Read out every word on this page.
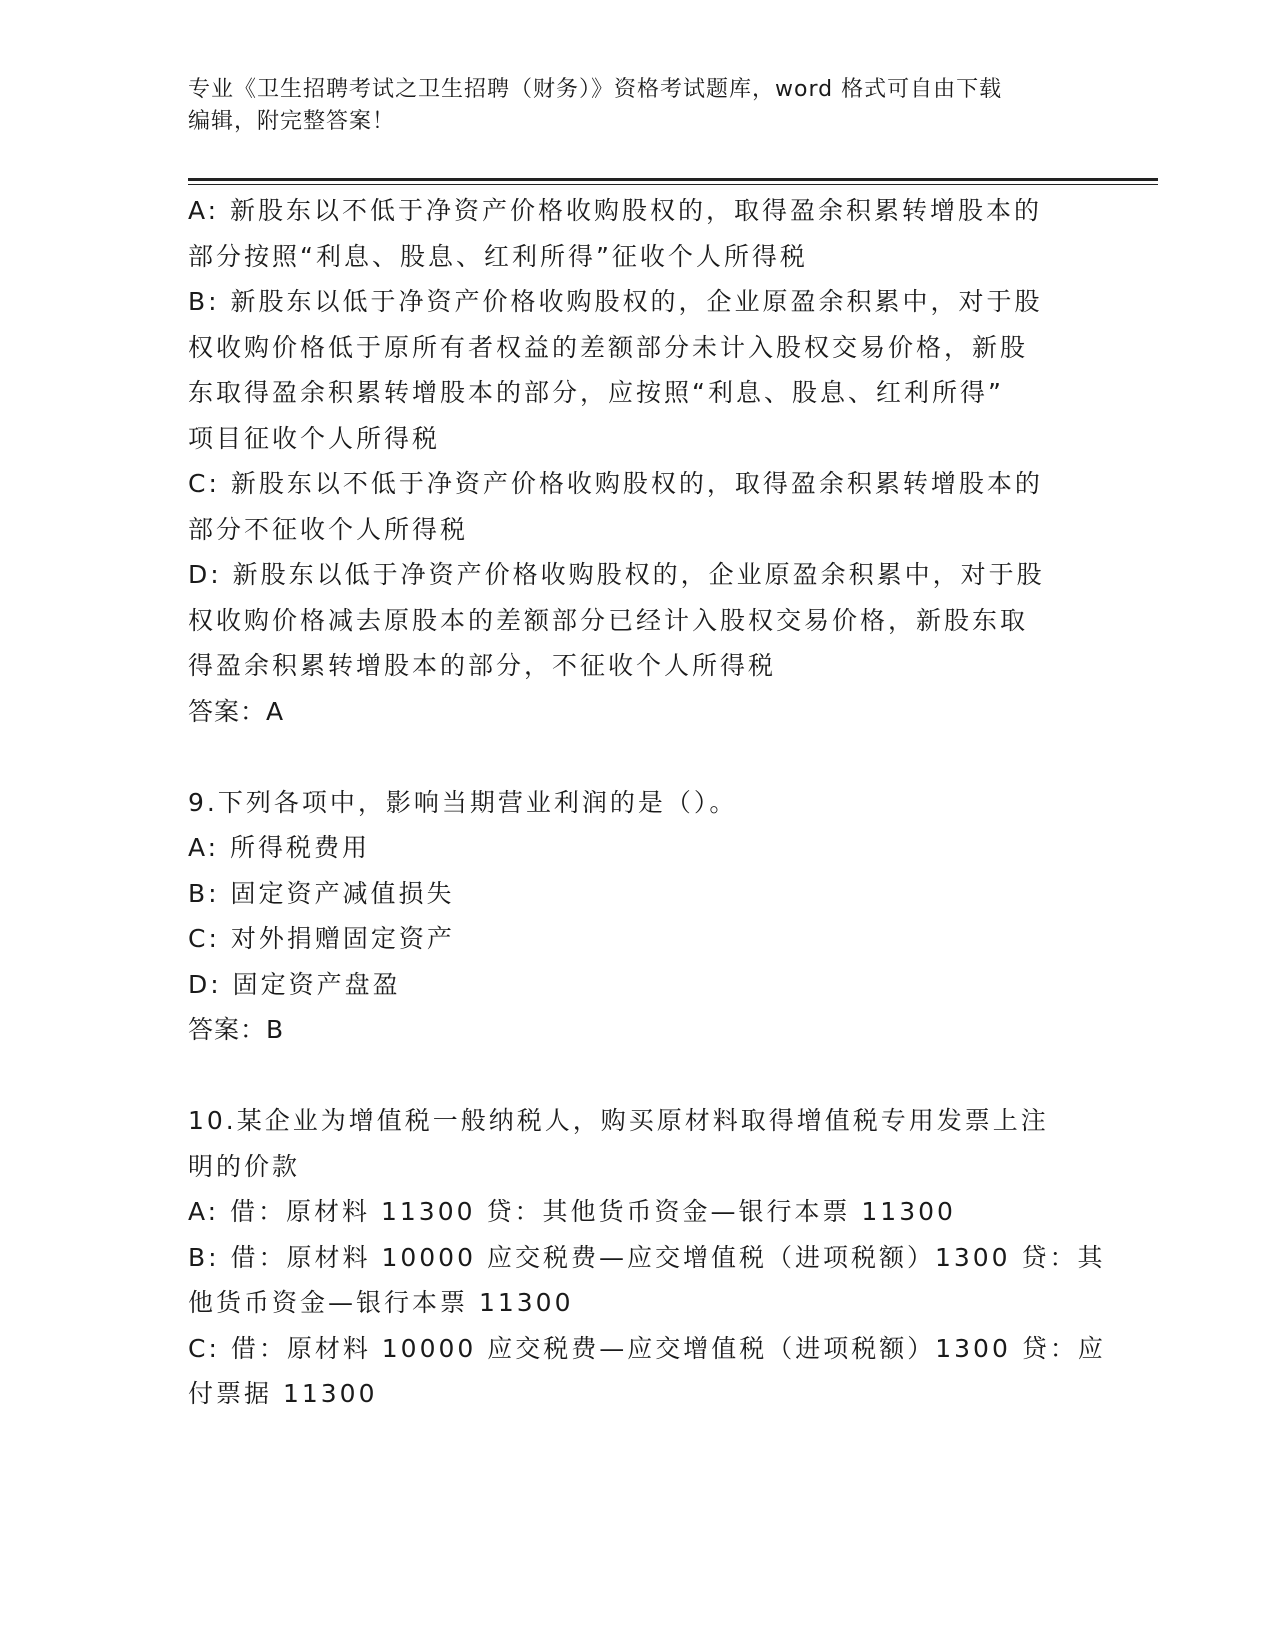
专业《卫生招聘考试之卫生招聘（财务）》资格考试题库，word 格式可自由下载
编辑，附完整答案！
A: 新股东以不低于净资产价格收购股权的，取得盈余积累转增股本的
部分按照“利息、股息、红利所得”征收个人所得税
B: 新股东以低于净资产价格收购股权的，企业原盈余积累中，对于股
权收购价格低于原所有者权益的差额部分未计入股权交易价格，新股
东取得盈余积累转增股本的部分，应按照“利息、股息、红利所得”
项目征收个人所得税
C: 新股东以不低于净资产价格收购股权的，取得盈余积累转增股本的
部分不征收个人所得税
D: 新股东以低于净资产价格收购股权的，企业原盈余积累中，对于股
权收购价格减去原股本的差额部分已经计入股权交易价格，新股东取
得盈余积累转增股本的部分，不征收个人所得税
答案：A
9.下列各项中，影响当期营业利润的是（）。
A: 所得税费用
B: 固定资产减值损失
C: 对外捐赠固定资产
D: 固定资产盘盈
答案：B
10.某企业为增值税一般纳税人，购买原材料取得增值税专用发票上注
明的价款
A: 借：原材料 11300 贷：其他货币资金—银行本票 11300
B: 借：原材料 10000 应交税费—应交增值税（进项税额）1300 贷：其
他货币资金—银行本票 11300
C: 借：原材料 10000 应交税费—应交增值税（进项税额）1300 贷：应
付票据 11300
